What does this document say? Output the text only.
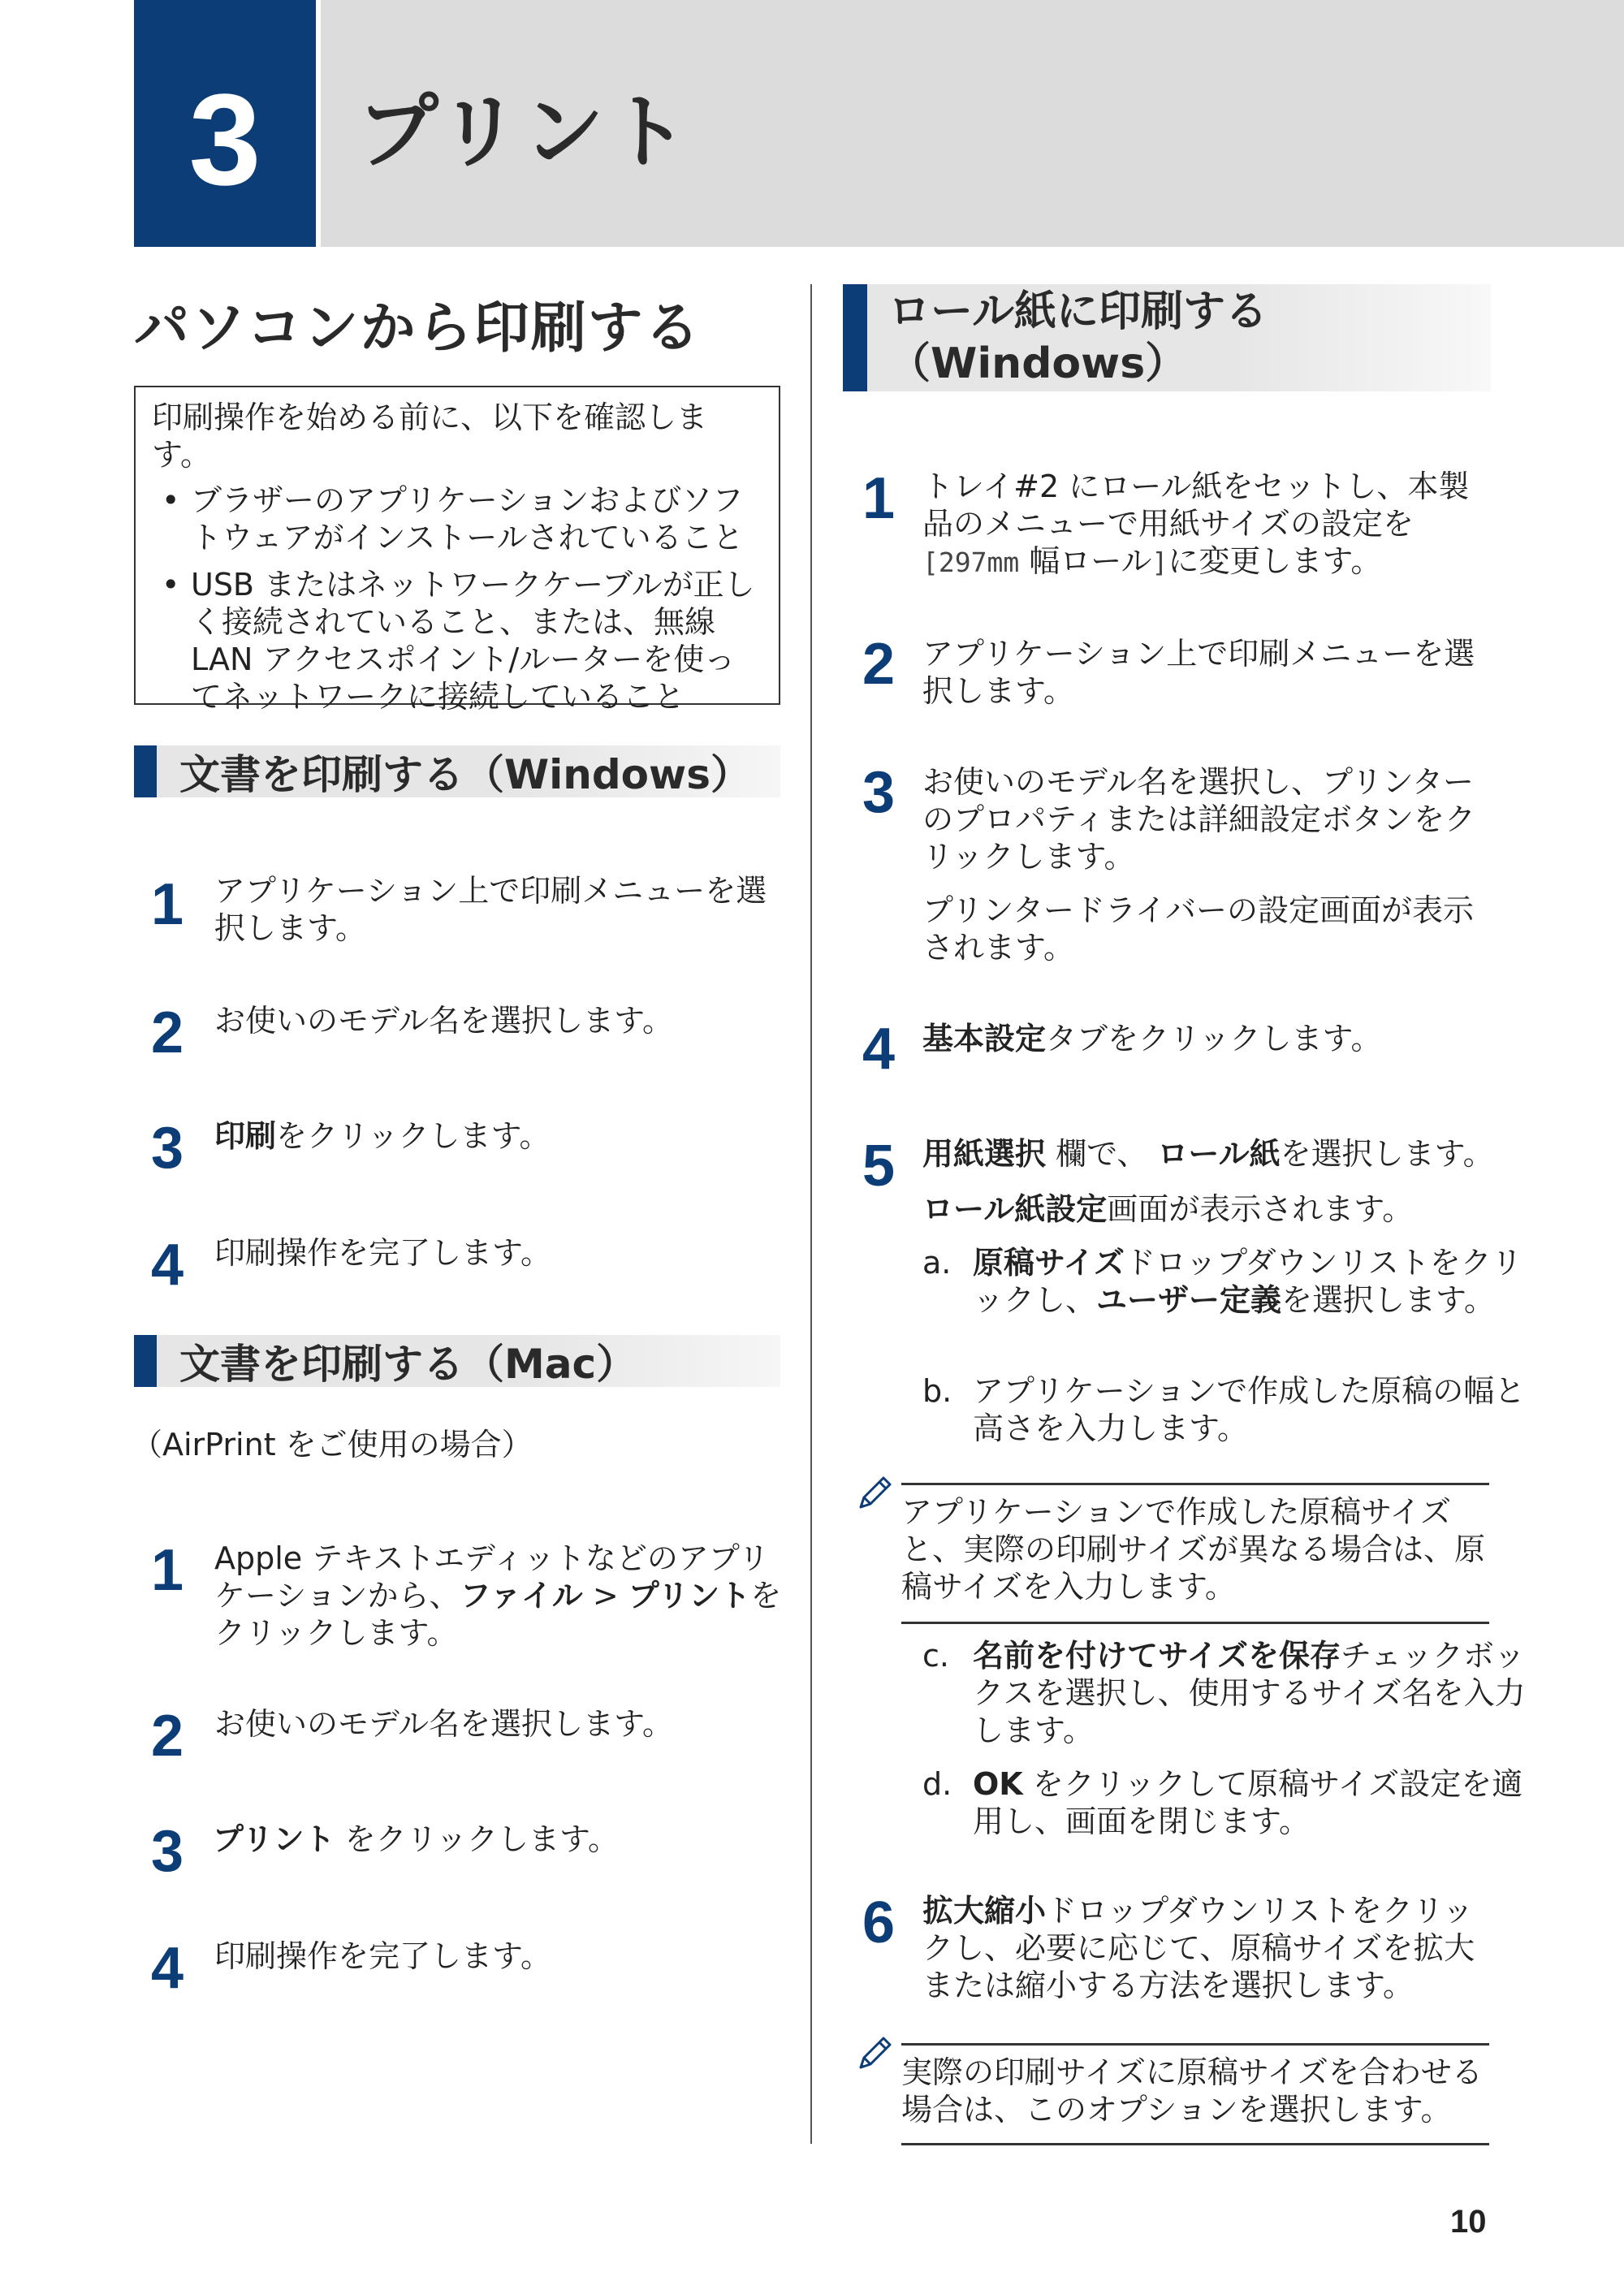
3	プリント
パソコンから印刷する

印刷操作を始める前に、以下を確認します。

• ブラザーのアプリケーションおよびソフトウェアがインストールされていること
• USB またはネットワークケーブルが正しく接続されていること、または、無線 LAN アクセスポイント/ルーターを使ってネットワークに接続していること
文書を印刷する（Windows）
1 アプリケーション上で印刷メニューを選択します。
2 お使いのモデル名を選択します。
3 印刷をクリックします。
4 印刷操作を完了します。
文書を印刷する（Mac）
（AirPrint をご使用の場合）
1 Apple テキストエディットなどのアプリケーションから、ファイル > プリントをクリックします。
2 お使いのモデル名を選択します。
3 プリント をクリックします。
4 印刷操作を完了します。
ロール紙に印刷する
（Windows）
1 トレイ#2 にロール紙をセットし、本製品のメニューで用紙サイズの設定を[297mm 幅ロール]に変更します。
2 アプリケーション上で印刷メニューを選択します。
3 お使いのモデル名を選択し、プリンターのプロパティまたは詳細設定ボタンをクリックします。
プリンタードライバーの設定画面が表示されます。
4 基本設定タブをクリックします。
5 用紙選択 欄で、 ロール紙を選択します。
ロール紙設定画面が表示されます。
a. 原稿サイズドロップダウンリストをクリックし、ユーザー定義を選択します。
b. アプリケーションで作成した原稿の幅と高さを入力します。
アプリケーションで作成した原稿サイズと、実際の印刷サイズが異なる場合は、原稿サイズを入力します。
c. 名前を付けてサイズを保存チェックボックスを選択し、使用するサイズ名を入力します。
d. OK をクリックして原稿サイズ設定を適用し、画面を閉じます。
6 拡大縮小ドロップダウンリストをクリックし、必要に応じて、原稿サイズを拡大または縮小する方法を選択します。
実際の印刷サイズに原稿サイズを合わせる場合は、このオプションを選択します。
10
